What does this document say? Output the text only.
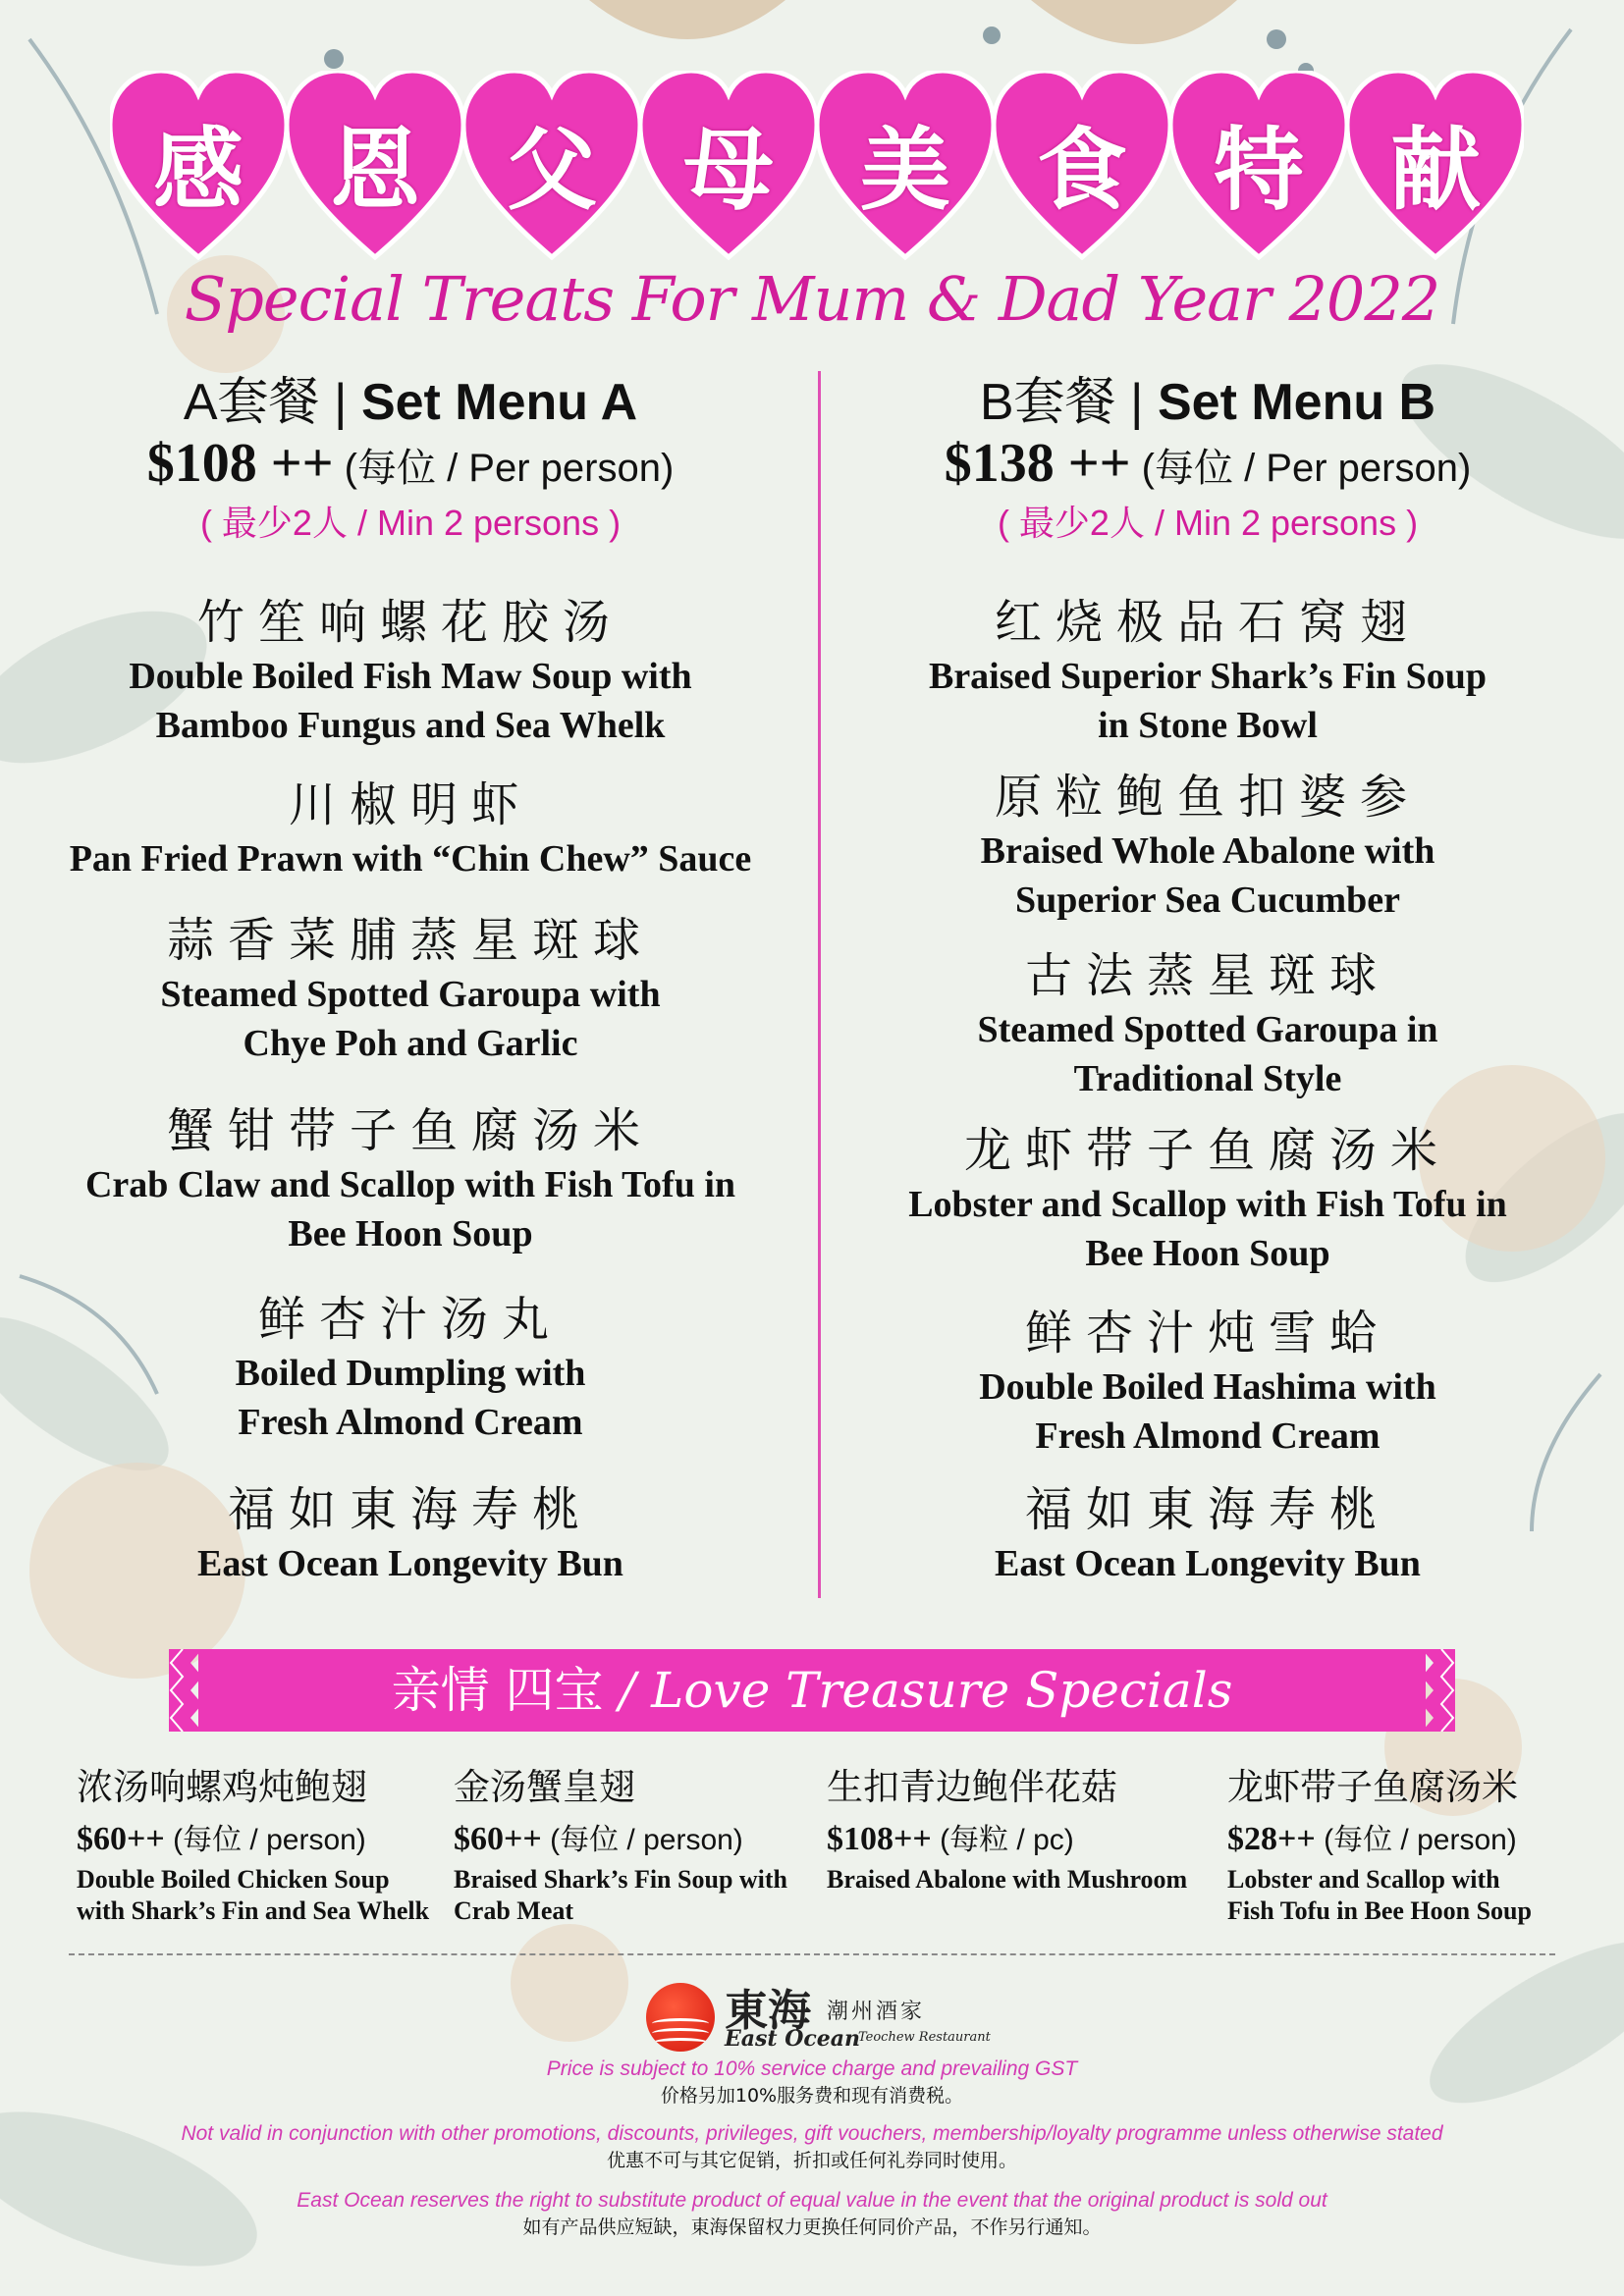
感 恩 父 母 美 食 特 献
Special Treats For Mum & Dad Year 2022
A套餐 | Set Menu A
$108 ++ (每位 / Per person)
( 最少2人 / Min 2 persons )
竹笙响螺花胶汤
Double Boiled Fish Maw Soup with
Bamboo Fungus and Sea Whelk
川椒明虾
Pan Fried Prawn with “Chin Chew” Sauce
蒜香菜脯蒸星斑球
Steamed Spotted Garoupa with
Chye Poh and Garlic
蟹钳带子鱼腐汤米
Crab Claw and Scallop with Fish Tofu in
Bee Hoon Soup
鲜杏汁汤丸
Boiled Dumpling with
Fresh Almond Cream
福如東海寿桃
East Ocean Longevity Bun
B套餐 | Set Menu B
$138 ++ (每位 / Per person)
( 最少2人 / Min 2 persons )
红烧极品石窝翅
Braised Superior Shark’s Fin Soup
in Stone Bowl
原粒鲍鱼扣婆参
Braised Whole Abalone with
Superior Sea Cucumber
古法蒸星斑球
Steamed Spotted Garoupa in
Traditional Style
龙虾带子鱼腐汤米
Lobster and Scallop with Fish Tofu in
Bee Hoon Soup
鲜杏汁炖雪蛤
Double Boiled Hashima with
Fresh Almond Cream
福如東海寿桃
East Ocean Longevity Bun
亲情 四宝 / Love Treasure Specials
浓汤响螺鸡炖鲍翅
$60++ (每位 / person)
Double Boiled Chicken Soup
with Shark’s Fin and Sea Whelk
金汤蟹皇翅
$60++ (每位 / person)
Braised Shark’s Fin Soup with
Crab Meat
生扣青边鲍伴花菇
$108++ (每粒 / pc)
Braised Abalone with Mushroom
龙虾带子鱼腐汤米
$28++ (每位 / person)
Lobster and Scallop with
Fish Tofu in Bee Hoon Soup
東海 潮州酒家
East Ocean
Teochew Restaurant
Price is subject to 10% service charge and prevailing GST
价格另加10%服务费和现有消费税。
Not valid in conjunction with other promotions, discounts, privileges, gift vouchers, membership/loyalty programme unless otherwise stated
优惠不可与其它促销，折扣或任何礼券同时使用。
East Ocean reserves the right to substitute product of equal value in the event that the original product is sold out
如有产品供应短缺，東海保留权力更换任何同价产品，不作另行通知。
